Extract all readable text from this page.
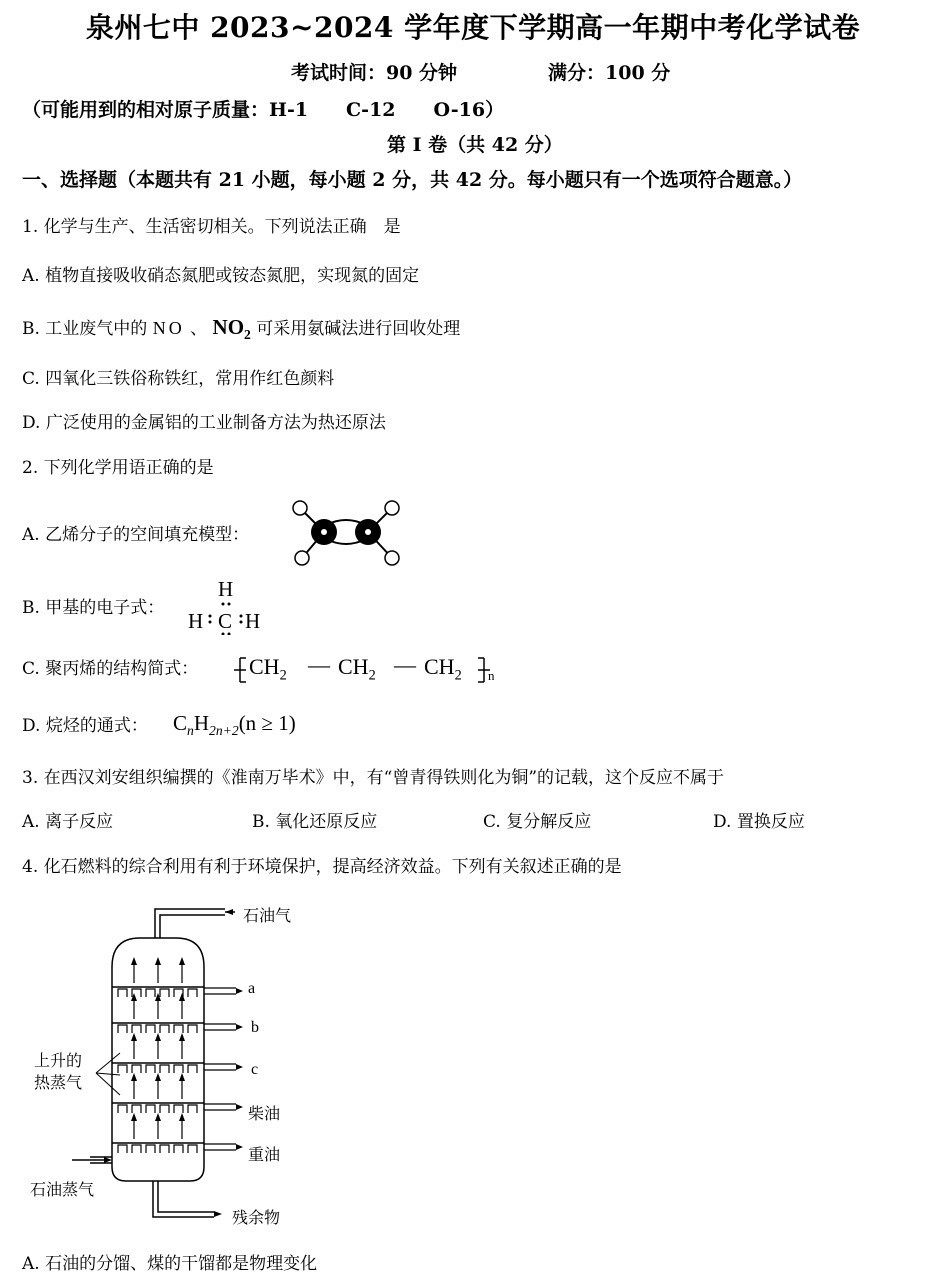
泉州七中 2023~2024 学年度下学期高一年期中考化学试卷
考试时间：90 分钟	满分：100 分
（可能用到的相对原子质量：H-1　　C-12　　O-16）
第 I 卷（共 42 分）
一、选择题（本题共有 21 小题，每小题 2 分，共 42 分。每小题只有一个选项符合题意。）
1. 化学与生产、生活密切相关。下列说法正确　是
A. 植物直接吸收硝态氮肥或铵态氮肥，实现氮的固定
B. 工业废气中的 NO 、 $NO_2$ 可采用氨碱法进行回收处理
C. 四氧化三铁俗称铁红，常用作红色颜料
D. 广泛使用的金属铝的工业制备方法为热还原法
2. 下列化学用语正确的是
A. 乙烯分子的空间填充模型：
B. 甲基的电子式：
H
H C H
C. 聚丙烯的结构简式： $CH_2$ — $CH_2$ — $CH_2$ n
D. 烷烃的通式： $C_nH_{2n+2}(n \ge 1)$
3. 在西汉刘安组织编撰的《淮南万毕术》中，有“曾青得铁则化为铜”的记载，这个反应不属于
A. 离子反应	B. 氧化还原反应	C. 复分解反应	D. 置换反应
4. 化石燃料的综合利用有利于环境保护，提高经济效益。下列有关叙述正确的是
石油气
a
b
c
柴油
重油
上升的
热蒸气
石油蒸气
残余物
A. 石油的分馏、煤的干馏都是物理变化
